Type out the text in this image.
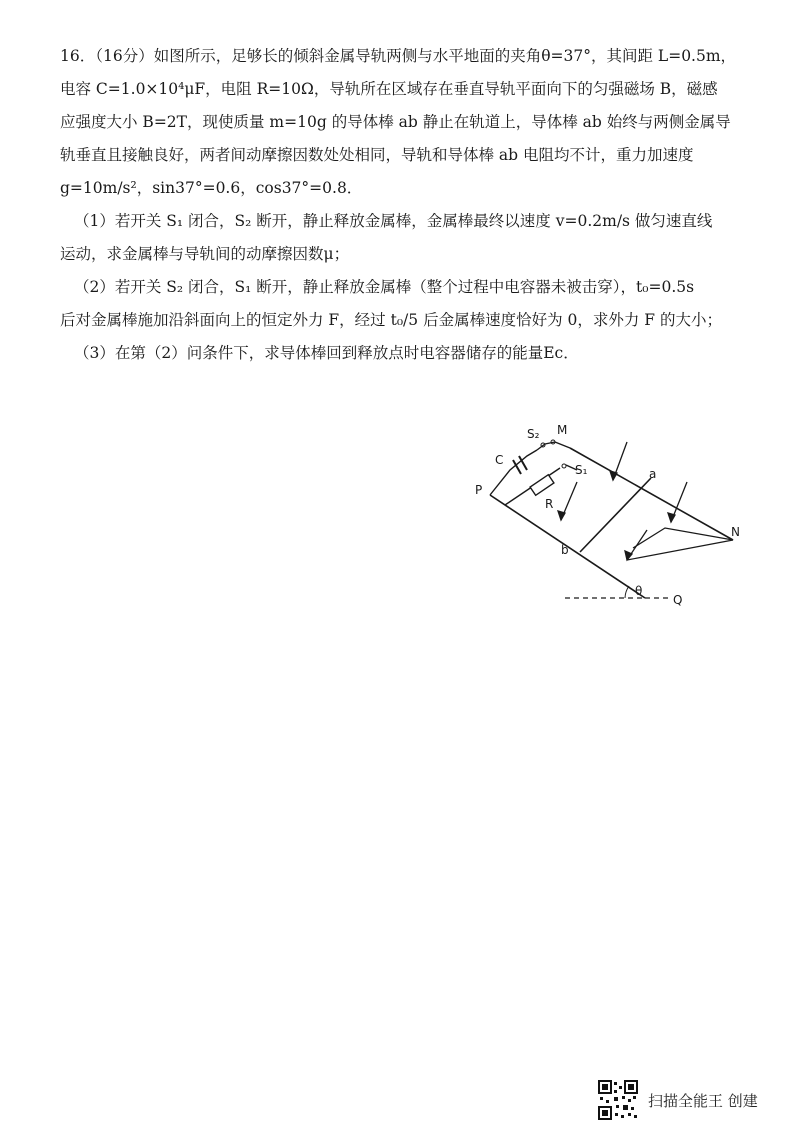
16．（16分）如图所示，足够长的倾斜金属导轨两侧与水平地面的夹角θ=37°，其间距 L=0.5m，
电容 C=1.0×10⁴μF，电阻 R=10Ω，导轨所在区域存在垂直导轨平面向下的匀强磁场 B，磁感
应强度大小 B=2T，现使质量 m=10g 的导体棒 ab 静止在轨道上，导体棒 ab 始终与两侧金属导
轨垂直且接触良好，两者间动摩擦因数处处相同，导轨和导体棒 ab 电阻均不计，重力加速度
g=10m/s²，sin37°=0.6，cos37°=0.8．

（1）若开关 S₁ 闭合，S₂ 断开，静止释放金属棒，金属棒最终以速度 v=0.2m/s 做匀速直线
运动，求金属棒与导轨间的动摩擦因数μ；

（2）若开关 S₂ 闭合，S₁ 断开，静止释放金属棒（整个过程中电容器未被击穿），t₀=0.5s
后对金属棒施加沿斜面向上的恒定外力 F，经过 t₀/5 后金属棒速度恰好为 0，求外力 F 的大小；

（3）在第（2）问条件下，求导体棒回到释放点时电容器储存的能量Ec．

S₂ M
C
S₁	a
P
R
N
b
θ
Q
扫描全能王 创建
